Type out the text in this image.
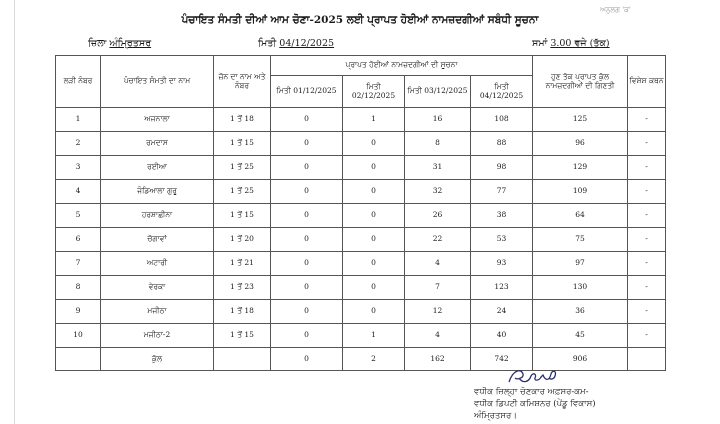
ਅਨੁਲਗ 'ਕ'
ਪੰਚਾਇਤ ਸੰਮਤੀ ਦੀਆਂ ਆਮ ਚੋਣਾ-2025 ਲਈ ਪ੍ਰਾਪਤ ਹੋਈਆਂ ਨਾਮਜ਼ਦਗੀਆਂ ਸਬੰਧੀ ਸੂਚਨਾ
ਜ਼ਿਲਾ ਅੰਮ੍ਰਿਤਸਰ	ਮਿਤੀ 04/12/2025	ਸਮਾਂ 3.00 ਵਜੇ (ਤੱਕ)
ਲੜੀ ਨੰਬਰ	ਪੰਚਾਇਤ ਸੰਮਤੀ ਦਾ ਨਾਮ	ਜ਼ੋਨ ਦਾ ਨਾਮ ਅਤੇ ਨੰਬਰ	ਪ੍ਰਾਪਤ ਹੋਈਆਂ ਨਾਮਜ਼ਦਗੀਆਂ ਦੀ ਸੂਚਨਾ				ਹੁਣ ਤੱਕ ਪ੍ਰਾਪਤ ਕੁੱਲ ਨਾਮਜ਼ਦਗੀਆਂ ਦੀ ਗਿਣਤੀ	ਵਿਸ਼ੇਸ਼ ਕਥਨ
			ਮਿਤੀ 01/12/2025	ਮਿਤੀ 02/12/2025	ਮਿਤੀ 03/12/2025	ਮਿਤੀ 04/12/2025		
1	ਅਜਨਾਲਾ	1 ਤੋਂ 18	0	1	16	108	125	-
2	ਰਮਦਾਸ	1 ਤੋਂ 15	0	0	8	88	96	-
3	ਰਈਆ	1 ਤੋਂ 25	0	0	31	98	129	-
4	ਜੰਡਿਆਲਾ ਗੁਰੂ	1 ਤੋਂ 25	0	0	32	77	109	-
5	ਹਰਸ਼ਾਛੀਨਾ	1 ਤੋਂ 15	0	0	26	38	64	-
6	ਚੋਗਾਵਾਂ	1 ਤੋਂ 20	0	0	22	53	75	-
7	ਅਟਾਰੀ	1 ਤੋਂ 21	0	0	4	93	97	-
8	ਵੇਰਕਾ	1 ਤੋਂ 23	0	0	7	123	130	-
9	ਮਜੀਠਾ	1 ਤੋਂ 18	0	0	12	24	36	-
10	ਮਜੀਠਾ-2	1 ਤੋਂ 15	0	1	4	40	45	-
	ਕੁੱਲ		0	2	162	742	906	
ਵਧੀਕ ਜ਼ਿਲ੍ਹਾ ਚੋਣਕਾਰ ਅਫ਼ਸਰ-ਕਮ-
ਵਧੀਕ ਡਿਪਟੀ ਕਮਿਸ਼ਨਰ (ਪੇਂਡੂ ਵਿਕਾਸ)
ਅੰਮ੍ਰਿਤਸਰ।
